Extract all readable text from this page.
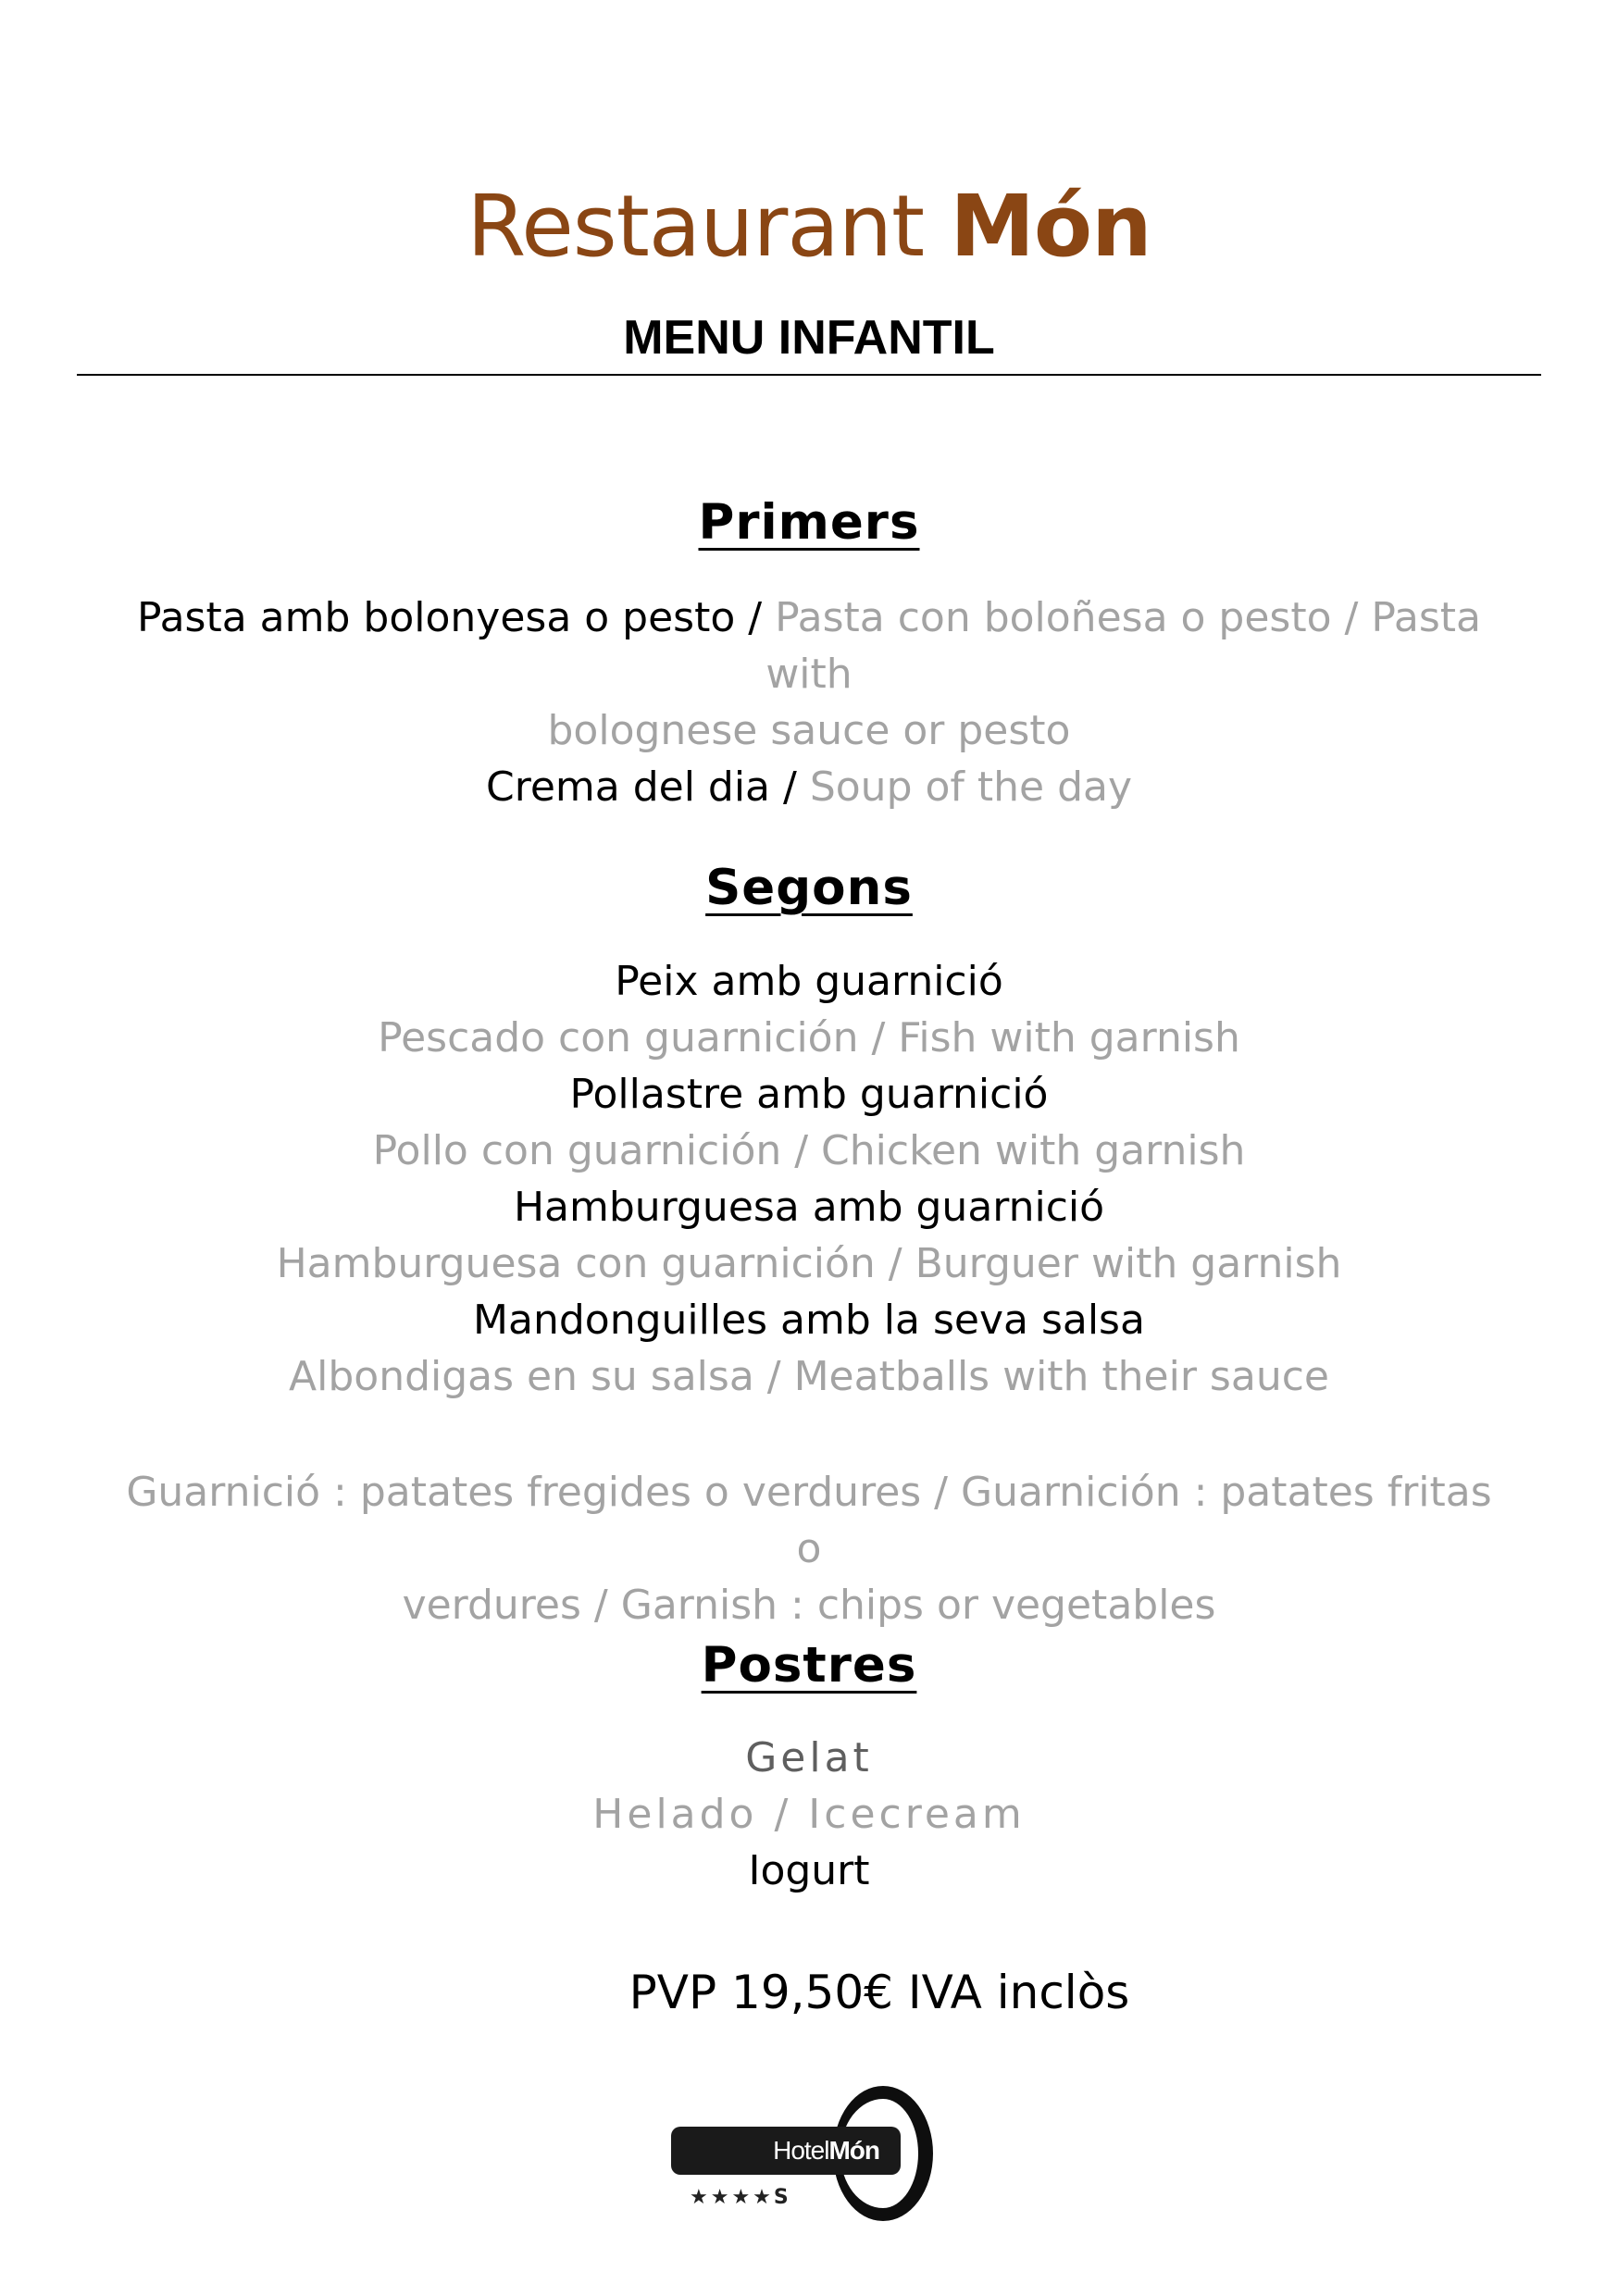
Restaurant Món
MENU INFANTIL
Primers
Pasta amb bolonyesa o pesto / Pasta con boloñesa o pesto / Pasta with
bolognese sauce or pesto
Crema del dia / Soup of the day
Segons
Peix amb guarnició
Pescado con guarnición / Fish with garnish
Pollastre amb guarnició
Pollo con guarnición / Chicken with garnish
Hamburguesa amb guarnició
Hamburguesa con guarnición / Burguer with garnish
Mandonguilles amb la seva salsa
Albondigas en su salsa / Meatballs with their sauce
Guarnició : patates fregides o verdures / Guarnición : patates fritas o
verdures / Garnish : chips or vegetables
Postres
Gelat
Helado / Icecream
Iogurt
PVP 19,50€ IVA inclòs
HotelMón
★★★★S
